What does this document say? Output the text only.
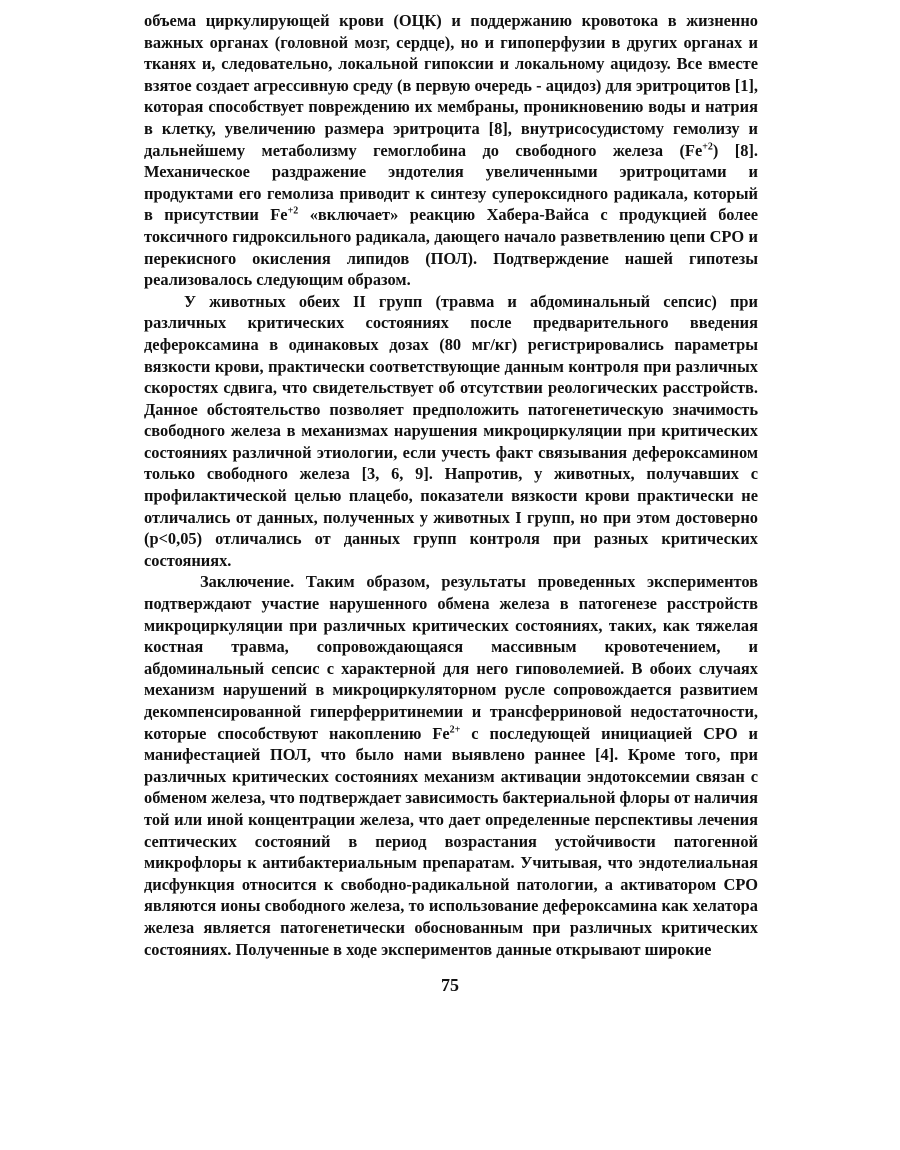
объема циркулирующей крови (ОЦК) и поддержанию кровотока в жизненно важных органах (головной мозг, сердце), но и гипоперфузии в других органах и тканях и, следовательно, локальной гипоксии и локальному ацидозу. Все вместе взятое создает агрессивную среду (в первую очередь - ацидоз) для эритроцитов [1], которая способствует повреждению их мембраны, проникновению воды и натрия в клетку, увеличению размера эритроцита [8], внутрисосудистому гемолизу и дальнейшему метаболизму гемоглобина до свободного железа $(Fe^{+2})$ [8]. Механическое раздражение эндотелия увеличенными эритроцитами и продуктами его гемолиза приводит к синтезу супероксидного радикала, который в присутствии $Fe^{+2}$ «включает» реакцию Хабера-Вайса с продукцией более токсичного гидроксильного радикала, дающего начало разветвлению цепи СРО и перекисного окисления липидов (ПОЛ). Подтверждение нашей гипотезы реализовалось следующим образом.

У животных обеих II групп (травма и абдоминальный сепсис) при различных критических состояниях после предварительного введения дефероксамина в одинаковых дозах (80 мг/кг) регистрировались параметры вязкости крови, практически соответствующие данным контроля при различных скоростях сдвига, что свидетельствует об отсутствии реологических расстройств. Данное обстоятельство позволяет предположить патогенетическую значимость свободного железа в механизмах нарушения микроциркуляции при критических состояниях различной этиологии, если учесть факт связывания дефероксамином только свободного железа [3, 6, 9]. Напротив, у животных, получавших с профилактической целью плацебо, показатели вязкости крови практически не отличались от данных, полученных у животных I групп, но при этом достоверно (p<0,05) отличались от данных групп контроля при разных критических состояниях.

Заключение. Таким образом, результаты проведенных экспериментов подтверждают участие нарушенного обмена железа в патогенезе расстройств микроциркуляции при различных критических состояниях, таких, как тяжелая костная травма, сопровождающаяся массивным кровотечением, и абдоминальный сепсис с характерной для него гиповолемией. В обоих случаях механизм нарушений в микроциркуляторном русле сопровождается развитием декомпенсированной гиперферритинемии и трансферриновой недостаточности, которые способствуют накоплению $Fe^{2+}$ с последующей инициацией СРО и манифестацией ПОЛ, что было нами выявлено раннее [4]. Кроме того, при различных критических состояниях механизм активации эндотоксемии связан с обменом железа, что подтверждает зависимость бактериальной флоры от наличия той или иной концентрации железа, что дает определенные перспективы лечения септических состояний в период возрастания устойчивости патогенной микрофлоры к антибактериальным препаратам. Учитывая, что эндотелиальная дисфункция относится к свободно-радикальной патологии, а активатором СРО являются ионы свободного железа, то использование дефероксамина как хелатора железа является патогенетически обоснованным при различных критических состояниях. Полученные в ходе экспериментов данные открывают широкие

75
